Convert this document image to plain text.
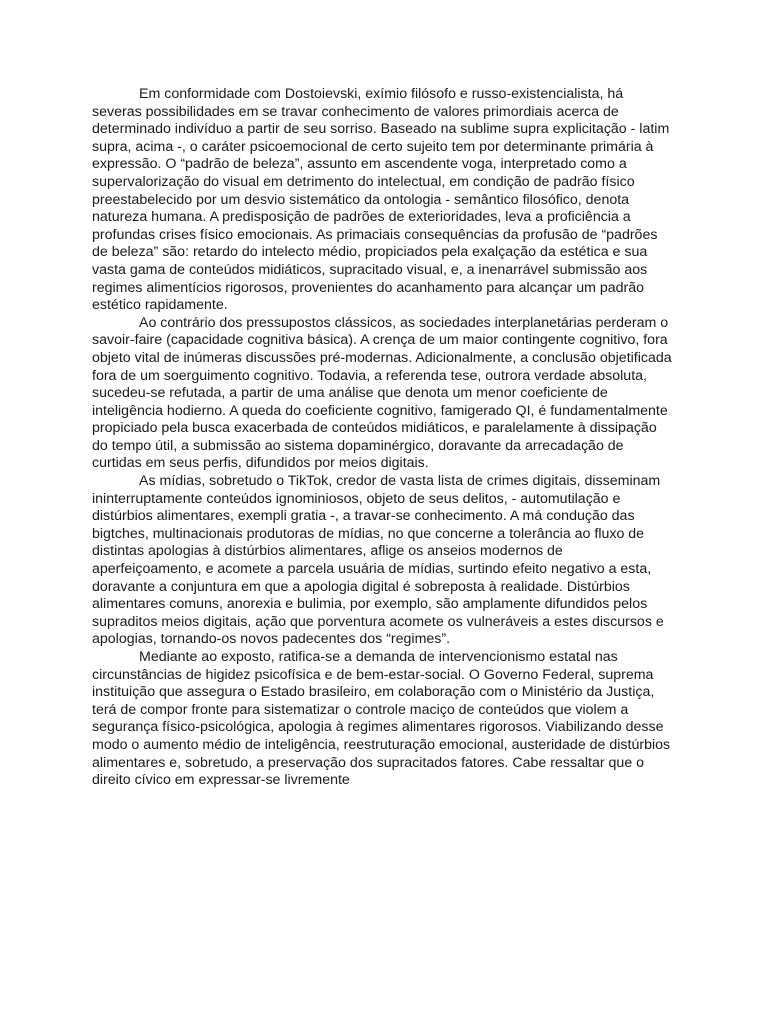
Em conformidade com Dostoievski, exímio filósofo e russo-existencialista, há severas possibilidades em se travar conhecimento de valores primordiais acerca de determinado indivíduo a partir de seu sorriso. Baseado na sublime supra explicitação - latim supra, acima -, o caráter psicoemocional de certo sujeito tem por determinante primária à expressão. O “padrão de beleza”, assunto em ascendente voga, interpretado como a supervalorização do visual em detrimento do intelectual, em condição de padrão físico preestabelecido por um desvio sistemático da ontologia - semântico filosófico, denota natureza humana. A predisposição de padrões de exterioridades, leva a proficiência a profundas crises físico emocionais. As primaciais consequências da profusão de “padrões de beleza” são: retardo do intelecto médio, propiciados pela exalçação da estética e sua vasta gama de conteúdos midiáticos, supracitado visual, e, a inenarrável submissão aos regimes alimentícios rigorosos, provenientes do acanhamento para alcançar um padrão estético rapidamente.

Ao contrário dos pressupostos clássicos, as sociedades interplanetárias perderam o savoir-faire (capacidade cognitiva básica). A crença de um maior contingente cognitivo, fora objeto vital de inúmeras discussões pré-modernas. Adicionalmente, a conclusão objetificada fora de um soerguimento cognitivo. Todavia, a referenda tese, outrora verdade absoluta, sucedeu-se refutada, a partir de uma análise que denota um menor coeficiente de inteligência hodierno. A queda do coeficiente cognitivo, famigerado QI, é fundamentalmente propiciado pela busca exacerbada de conteúdos midiáticos, e paralelamente à dissipação do tempo útil, a submissão ao sistema dopaminérgico, doravante da arrecadação de curtidas em seus perfis, difundidos por meios digitais.

As mídias, sobretudo o TikTok, credor de vasta lista de crimes digitais, disseminam ininterruptamente conteúdos ignominiosos, objeto de seus delitos, - automutilação e distúrbios alimentares, exempli gratia -, a travar-se conhecimento. A má condução das bigtches, multinacionais produtoras de mídias, no que concerne a tolerância ao fluxo de distintas apologias à distúrbios alimentares, aflige os anseios modernos de aperfeiçoamento, e acomete a parcela usuária de mídias, surtindo efeito negativo a esta, doravante a conjuntura em que a apologia digital é sobreposta à realidade. Distúrbios alimentares comuns, anorexia e bulimia, por exemplo, são amplamente difundidos pelos supraditos meios digitais, ação que porventura acomete os vulneráveis a estes discursos e apologias, tornando-os novos padecentes dos “regimes”.

Mediante ao exposto, ratifica-se a demanda de intervencionismo estatal nas circunstâncias de higidez psicofísica e de bem-estar-social. O Governo Federal, suprema instituição que assegura o Estado brasileiro, em colaboração com o Ministério da Justiça, terá de compor fronte para sistematizar o controle maciço de conteúdos que violem a segurança físico-psicológica, apologia à regimes alimentares rigorosos. Viabilizando desse modo o aumento médio de inteligência, reestruturação emocional, austeridade de distúrbios alimentares e, sobretudo, a preservação dos supracitados fatores. Cabe ressaltar que o direito cívico em expressar-se livremente
